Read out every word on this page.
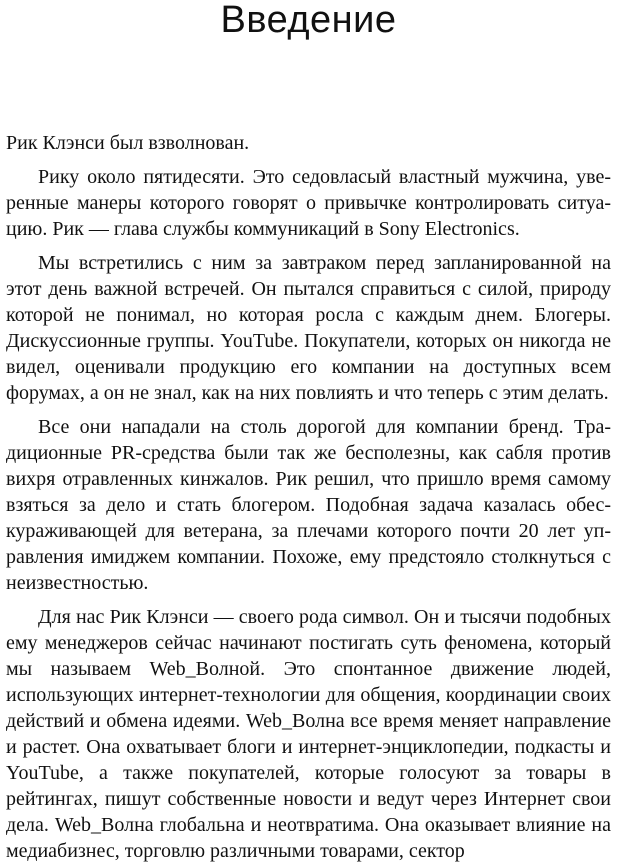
Введение

Рик Клэнси был взволнован.

Рику около пятидесяти. Это седовласый властный мужчина, уверенные манеры которого говорят о привычке контролировать ситуацию. Рик — глава службы коммуникаций в Sony Electronics.

Мы встретились с ним за завтраком перед запланированной на этот день важной встречей. Он пытался справиться с силой, природу которой не понимал, но которая росла с каждым днем. Блогеры. Дискуссионные группы. YouTube. Покупатели, которых он никогда не видел, оценивали продукцию его компании на доступных всем форумах, а он не знал, как на них повлиять и что теперь с этим делать.

Все они нападали на столь дорогой для компании бренд. Традиционные PR-средства были так же бесполезны, как сабля против вихря отравленных кинжалов. Рик решил, что пришло время самому взяться за дело и стать блогером. Подобная задача казалась обескураживающей для ветерана, за плечами которого почти 20 лет управления имиджем компании. Похоже, ему предстояло столкнуться с неизвестностью.

Для нас Рик Клэнси — своего рода символ. Он и тысячи подобных ему менеджеров сейчас начинают постигать суть феномена, который мы называем Web_Волной. Это спонтанное движение людей, использующих интернет-технологии для общения, координации своих действий и обмена идеями. Web_Волна все время меняет направление и растет. Она охватывает блоги и интернет-энциклопедии, подкасты и YouTube, а также покупателей, которые голосуют за товары в рейтингах, пишут собственные новости и ведут через Интернет свои дела. Web_Волна глобальна и неотвратима. Она оказывает влияние на медиабизнес, торговлю различными товарами, сектор
